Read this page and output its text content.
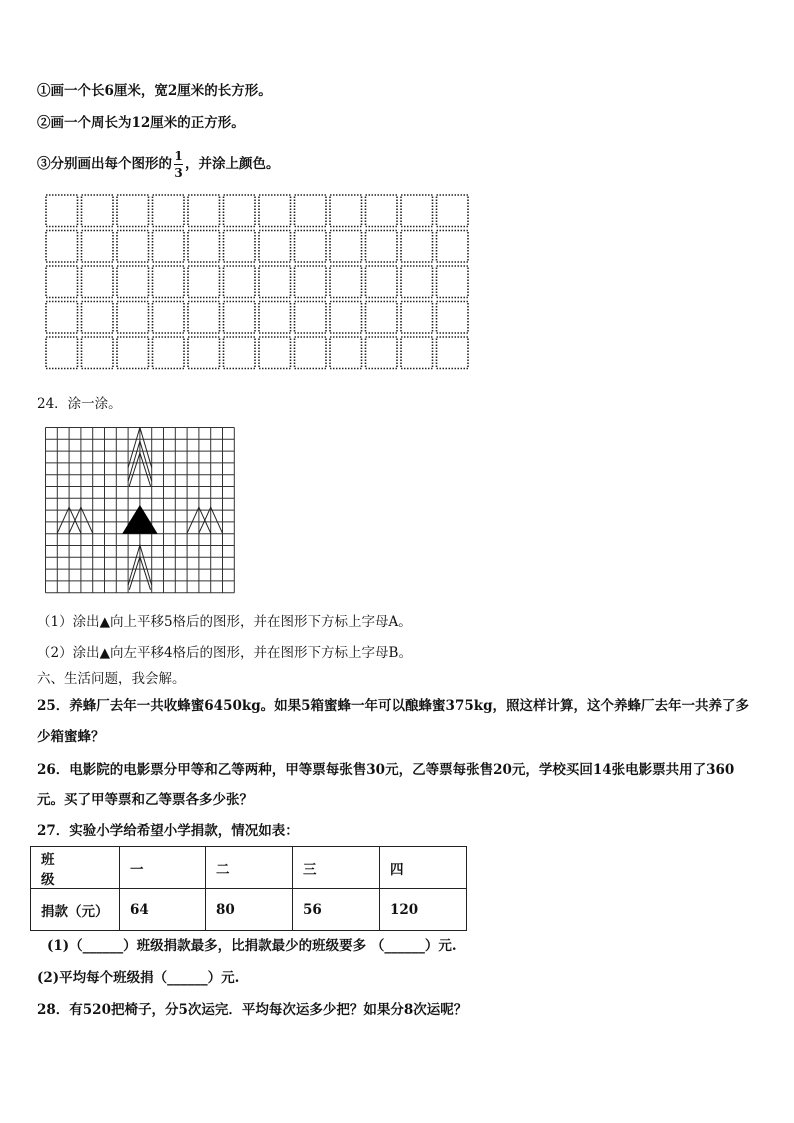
①画一个长6厘米，宽2厘米的长方形。
②画一个周长为12厘米的正方形。
③分别画出每个图形的 $\frac{1}{3}$ ，并涂上颜色。
24．涂一涂。
（1）涂出▲向上平移5格后的图形，并在图形下方标上字母A。
（2）涂出▲向左平移4格后的图形，并在图形下方标上字母B。
六、生活问题，我会解。
25．养蜂厂去年一共收蜂蜜6450kg。如果5箱蜜蜂一年可以酿蜂蜜375kg，照这样计算，这个养蜂厂去年一共养了多
少箱蜜蜂？
26．电影院的电影票分甲等和乙等两种，甲等票每张售30元，乙等票每张售20元，学校买回14张电影票共用了360
元。买了甲等票和乙等票各多少张？
27．实验小学给希望小学捐款，情况如表：
班级	一	二	三	四
捐款（元）	64	80	56	120
(1)（______）班级捐款最多，比捐款最少的班级要多 （______）元.
(2)平均每个班级捐（______）元.
28．有520把椅子，分5次运完．平均每次运多少把？如果分8次运呢？
